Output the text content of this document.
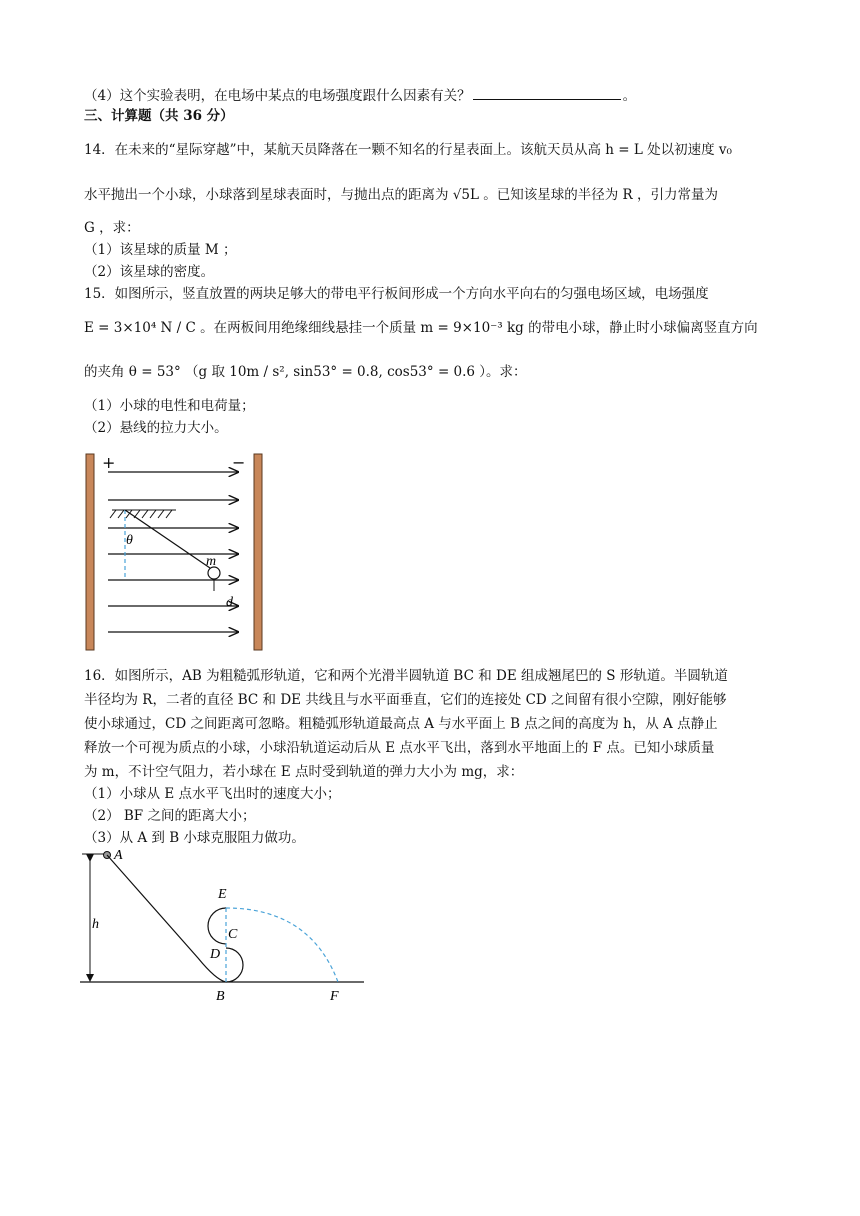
（4）这个实验表明，在电场中某点的电场强度跟什么因素有关？	。
三、计算题（共 36 分）
14．在未来的“星际穿越”中，某航天员降落在一颗不知名的行星表面上。该航天员从高 h = L 处以初速度 v₀
水平抛出一个小球，小球落到星球表面时，与抛出点的距离为 √5L 。已知该星球的半径为 R ，引力常量为
G ，求：
（1）该星球的质量 M ；
（2）该星球的密度。
15．如图所示，竖直放置的两块足够大的带电平行板间形成一个方向水平向右的匀强电场区域，电场强度
E = 3×10⁴ N / C 。在两板间用绝缘细线悬挂一个质量 m = 9×10⁻³ kg 的带电小球，静止时小球偏离竖直方向
的夹角 θ = 53° （g 取 10m / s², sin53° = 0.8, cos53° = 0.6 ）。求：
（1）小球的电性和电荷量；
（2）悬线的拉力大小。
+	−
θ
m
d
16．如图所示，AB 为粗糙弧形轨道，它和两个光滑半圆轨道 BC 和 DE 组成翘尾巴的 S 形轨道。半圆轨道
半径均为 R，二者的直径 BC 和 DE 共线且与水平面垂直，它们的连接处 CD 之间留有很小空隙，刚好能够
使小球通过，CD 之间距离可忽略。粗糙弧形轨道最高点 A 与水平面上 B 点之间的高度为 h，从 A 点静止
释放一个可视为质点的小球，小球沿轨道运动后从 E 点水平飞出，落到水平地面上的 F 点。已知小球质量
为 m，不计空气阻力，若小球在 E 点时受到轨道的弹力大小为 mg，求：
（1）小球从 E 点水平飞出时的速度大小；
（2） BF 之间的距离大小；
（3）从 A 到 B 小球克服阻力做功。
h
A
E
C
D
B	F
